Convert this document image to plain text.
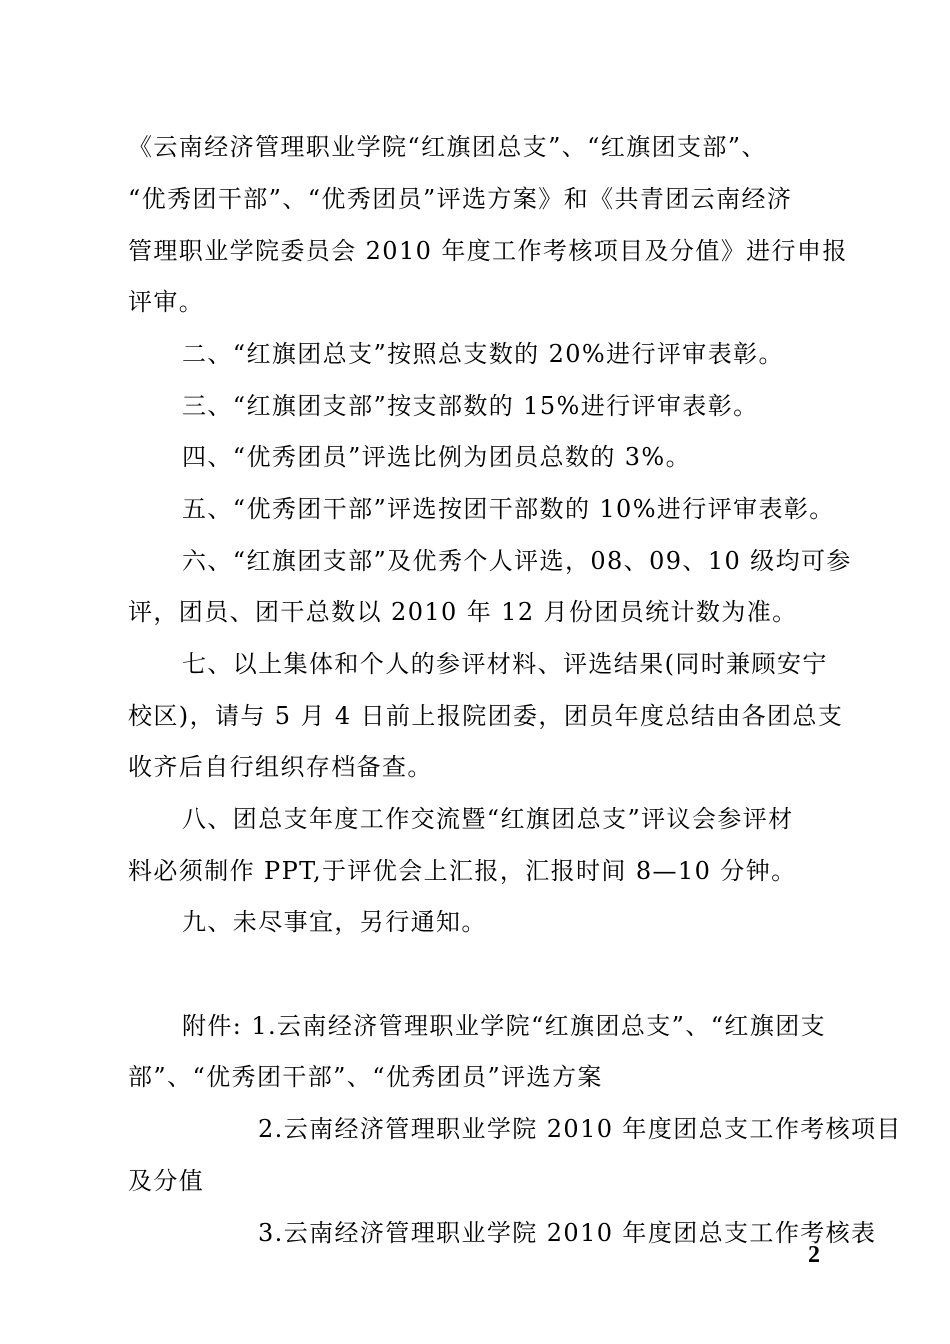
《云南经济管理职业学院“红旗团总支”、“红旗团支部”、
“优秀团干部”、“优秀团员”评选方案》和《共青团云南经济
管理职业学院委员会 2010 年度工作考核项目及分值》进行申报
评审。
二、“红旗团总支”按照总支数的 20%进行评审表彰。
三、“红旗团支部”按支部数的 15%进行评审表彰。
四、“优秀团员”评选比例为团员总数的 3%。
五、“优秀团干部”评选按团干部数的 10%进行评审表彰。
六、“红旗团支部”及优秀个人评选，08、09、10 级均可参
评，团员、团干总数以 2010 年 12 月份团员统计数为准。
七、以上集体和个人的参评材料、评选结果(同时兼顾安宁
校区)，请与 5 月 4 日前上报院团委，团员年度总结由各团总支
收齐后自行组织存档备查。
八、团总支年度工作交流暨“红旗团总支”评议会参评材
料必须制作 PPT,于评优会上汇报，汇报时间 8—10 分钟。
九、未尽事宜，另行通知。
附件: 1.云南经济管理职业学院“红旗团总支”、“红旗团支
部”、“优秀团干部”、“优秀团员”评选方案
2.云南经济管理职业学院 2010 年度团总支工作考核项目
及分值
3.云南经济管理职业学院 2010 年度团总支工作考核表
2
